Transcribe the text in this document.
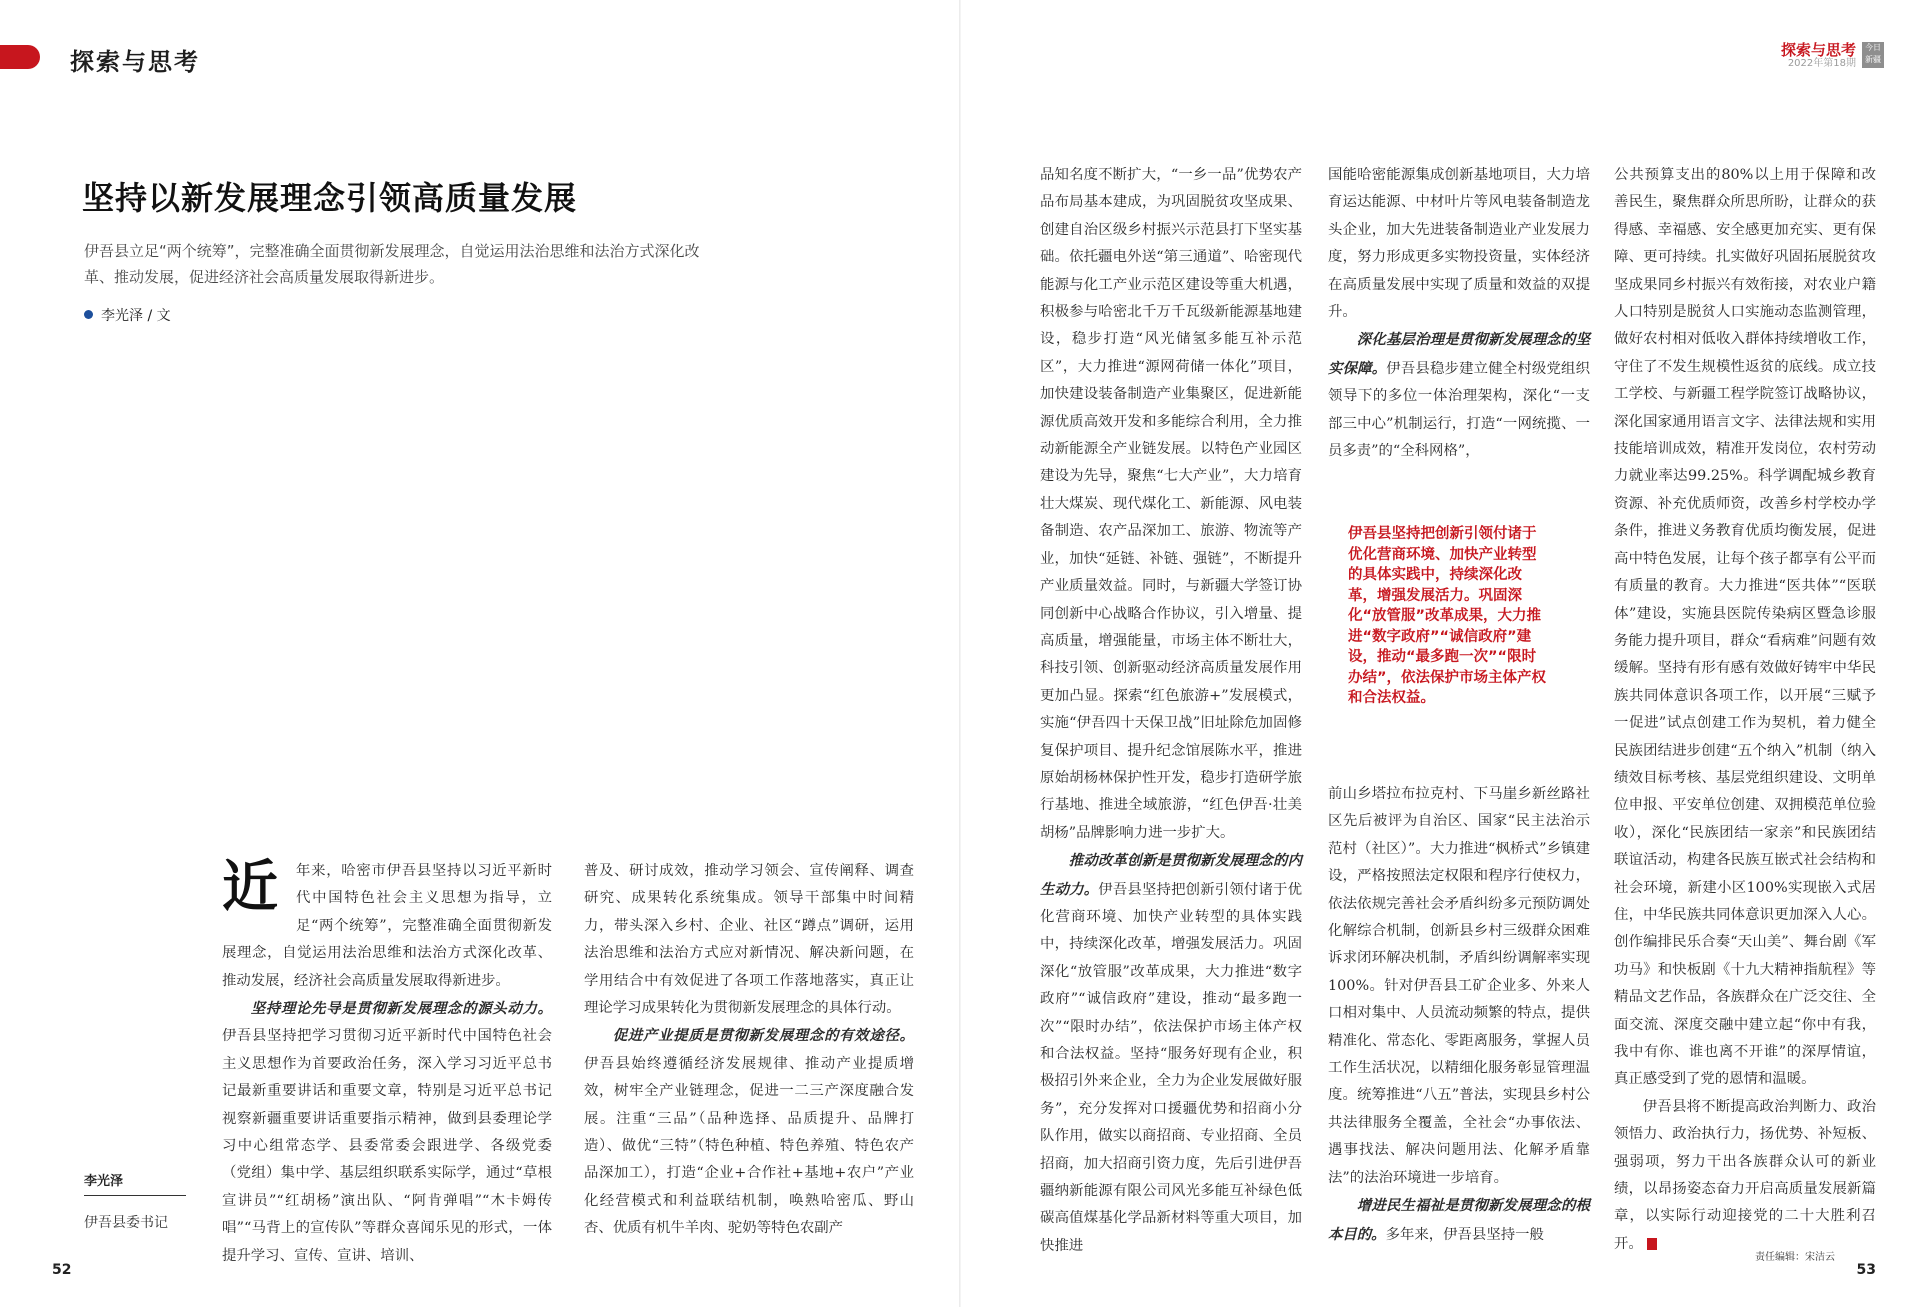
探索与思考	探索与思考
2022年第18期
今日新疆
坚持以新发展理念引领高质量发展
伊吾县立足“两个统筹”，完整准确全面贯彻新发展理念，自觉运用法治思维和法治方式深化改革、推动发展，促进经济社会高质量发展取得新进步。
李光泽 / 文
近	年来，哈密市伊吾县坚持以习近平新时代中国特色社会主义思想为指导，立足“两个统筹”，完整准确全面贯彻新发展理念，自觉运用法治思维和法治方式深化改革、推动发展，经济社会高质量发展取得新进步。

坚持理论先导是贯彻新发展理念的源头动力。伊吾县坚持把学习贯彻习近平新时代中国特色社会主义思想作为首要政治任务，深入学习习近平总书记最新重要讲话和重要文章，特别是习近平总书记视察新疆重要讲话重要指示精神，做到县委理论学习中心组常态学、县委常委会跟进学、各级党委（党组）集中学、基层组织联系实际学，通过“草根宣讲员”“红胡杨”演出队、“阿肯弹唱”“木卡姆传唱”“马背上的宣传队”等群众喜闻乐见的形式，一体提升学习、宣传、宣讲、培训、

普及、研讨成效，推动学习领会、宣传阐释、调查研究、成果转化系统集成。领导干部集中时间精力，带头深入乡村、企业、社区“蹲点”调研，运用法治思维和法治方式应对新情况、解决新问题，在学用结合中有效促进了各项工作落地落实，真正让理论学习成果转化为贯彻新发展理念的具体行动。

促进产业提质是贯彻新发展理念的有效途径。伊吾县始终遵循经济发展规律、推动产业提质增效，树牢全产业链理念，促进一二三产深度融合发展。注重“三品”（品种选择、品质提升、品牌打造）、做优“三特”（特色种植、特色养殖、特色农产品深加工），打造“企业+合作社+基地+农户”产业化经营模式和利益联结机制，唤熟哈密瓜、野山杏、优质有机牛羊肉、驼奶等特色农副产

品知名度不断扩大，“一乡一品”优势农产品布局基本建成，为巩固脱贫攻坚成果、创建自治区级乡村振兴示范县打下坚实基础。依托疆电外送“第三通道”、哈密现代能源与化工产业示范区建设等重大机遇，积极参与哈密北千万千瓦级新能源基地建设，稳步打造“风光储氢多能互补示范区”，大力推进“源网荷储一体化”项目，加快建设装备制造产业集聚区，促进新能源优质高效开发和多能综合利用，全力推动新能源全产业链发展。以特色产业园区建设为先导，聚焦“七大产业”，大力培育壮大煤炭、现代煤化工、新能源、风电装备制造、农产品深加工、旅游、物流等产业，加快“延链、补链、强链”，不断提升产业质量效益。同时，与新疆大学签订协同创新中心战略合作协议，引入增量、提高质量，增强能量，市场主体不断壮大，科技引领、创新驱动经济高质量发展作用更加凸显。探索“红色旅游+”发展模式，实施“伊吾四十天保卫战”旧址除危加固修复保护项目、提升纪念馆展陈水平，推进原始胡杨林保护性开发，稳步打造研学旅行基地、推进全域旅游，“红色伊吾·壮美胡杨”品牌影响力进一步扩大。

推动改革创新是贯彻新发展理念的内生动力。伊吾县坚持把创新引领付诸于优化营商环境、加快产业转型的具体实践中，持续深化改革，增强发展活力。巩固深化“放管服”改革成果，大力推进“数字政府”“诚信政府”建设，推动“最多跑一次”“限时办结”，依法保护市场主体产权和合法权益。坚持“服务好现有企业，积极招引外来企业，全力为企业发展做好服务”，充分发挥对口援疆优势和招商小分队作用，做实以商招商、专业招商、全员招商，加大招商引资力度，先后引进伊吾疆纳新能源有限公司风光多能互补绿色低碳高值煤基化学品新材料等重大项目，加快推进

国能哈密能源集成创新基地项目，大力培育运达能源、中材叶片等风电装备制造龙头企业，加大先进装备制造业产业发展力度，努力形成更多实物投资量，实体经济在高质量发展中实现了质量和效益的双提升。

深化基层治理是贯彻新发展理念的坚实保障。伊吾县稳步建立健全村级党组织领导下的多位一体治理架构，深化“一支部三中心”机制运行，打造“一网统揽、一员多责”的“全科网格”，

伊吾县坚持把创新引领付诸于优化营商环境、加快产业转型的具体实践中，持续深化改革，增强发展活力。巩固深化“放管服”改革成果，大力推进“数字政府”“诚信政府”建设，推动“最多跑一次”“限时办结”，依法保护市场主体产权和合法权益。

前山乡塔拉布拉克村、下马崖乡新丝路社区先后被评为自治区、国家“民主法治示范村（社区）”。大力推进“枫桥式”乡镇建设，严格按照法定权限和程序行使权力，依法依规完善社会矛盾纠纷多元预防调处化解综合机制，创新县乡村三级群众困难诉求闭环解决机制，矛盾纠纷调解率实现100%。针对伊吾县工矿企业多、外来人口相对集中、人员流动频繁的特点，提供精准化、常态化、零距离服务，掌握人员工作生活状况，以精细化服务彰显管理温度。统筹推进“八五”普法，实现县乡村公共法律服务全覆盖，全社会“办事依法、遇事找法、解决问题用法、化解矛盾靠法”的法治环境进一步培育。

增进民生福祉是贯彻新发展理念的根本目的。多年来，伊吾县坚持一般

公共预算支出的80%以上用于保障和改善民生，聚焦群众所思所盼，让群众的获得感、幸福感、安全感更加充实、更有保障、更可持续。扎实做好巩固拓展脱贫攻坚成果同乡村振兴有效衔接，对农业户籍人口特别是脱贫人口实施动态监测管理，做好农村相对低收入群体持续增收工作，守住了不发生规模性返贫的底线。成立技工学校、与新疆工程学院签订战略协议，深化国家通用语言文字、法律法规和实用技能培训成效，精准开发岗位，农村劳动力就业率达99.25%。科学调配城乡教育资源、补充优质师资，改善乡村学校办学条件，推进义务教育优质均衡发展，促进高中特色发展，让每个孩子都享有公平而有质量的教育。大力推进“医共体”“医联体”建设，实施县医院传染病区暨急诊服务能力提升项目，群众“看病难”问题有效缓解。坚持有形有感有效做好铸牢中华民族共同体意识各项工作，以开展“三赋予一促进”试点创建工作为契机，着力健全民族团结进步创建“五个纳入”机制（纳入绩效目标考核、基层党组织建设、文明单位申报、平安单位创建、双拥模范单位验收），深化“民族团结一家亲”和民族团结联谊活动，构建各民族互嵌式社会结构和社会环境，新建小区100%实现嵌入式居住，中华民族共同体意识更加深入人心。创作编排民乐合奏“天山美”、舞台剧《军功马》和快板剧《十九大精神指航程》等精品文艺作品，各族群众在广泛交往、全面交流、深度交融中建立起“你中有我，我中有你、谁也离不开谁”的深厚情谊，真正感受到了党的恩情和温暖。

伊吾县将不断提高政治判断力、政治领悟力、政治执行力，扬优势、补短板、强弱项，努力干出各族群众认可的新业绩，以昂扬姿态奋力开启高质量发展新篇章，以实际行动迎接党的二十大胜利召开。

李光泽
伊吾县委书记
52
责任编辑：宋洁云
53
